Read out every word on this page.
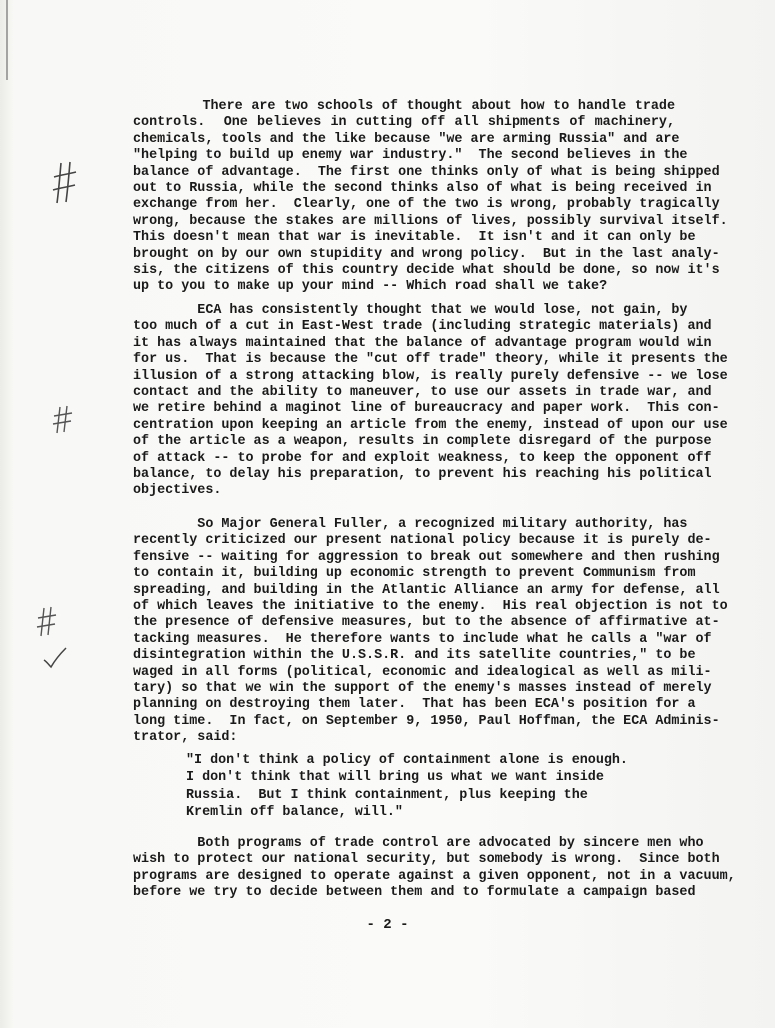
There are two schools of thought about how to handle trade
controls.  One believes in cutting off all shipments of machinery,
chemicals, tools and the like because "we are arming Russia" and are
"helping to build up enemy war industry."  The second believes in the
balance of advantage.  The first one thinks only of what is being shipped
out to Russia, while the second thinks also of what is being received in
exchange from her.  Clearly, one of the two is wrong, probably tragically
wrong, because the stakes are millions of lives, possibly survival itself.
This doesn't mean that war is inevitable.  It isn't and it can only be
brought on by our own stupidity and wrong policy.  But in the last analy-
sis, the citizens of this country decide what should be done, so now it's
up to you to make up your mind -- Which road shall we take?
ECA has consistently thought that we would lose, not gain, by
too much of a cut in East-West trade (including strategic materials) and
it has always maintained that the balance of advantage program would win
for us.  That is because the "cut off trade" theory, while it presents the
illusion of a strong attacking blow, is really purely defensive -- we lose
contact and the ability to maneuver, to use our assets in trade war, and
we retire behind a maginot line of bureaucracy and paper work.  This con-
centration upon keeping an article from the enemy, instead of upon our use
of the article as a weapon, results in complete disregard of the purpose
of attack -- to probe for and exploit weakness, to keep the opponent off
balance, to delay his preparation, to prevent his reaching his political
objectives.
So Major General Fuller, a recognized military authority, has
recently criticized our present national policy because it is purely de-
fensive -- waiting for aggression to break out somewhere and then rushing
to contain it, building up economic strength to prevent Communism from
spreading, and building in the Atlantic Alliance an army for defense, all
of which leaves the initiative to the enemy.  His real objection is not to
the presence of defensive measures, but to the absence of affirmative at-
tacking measures.  He therefore wants to include what he calls a "war of
disintegration within the U.S.S.R. and its satellite countries," to be
waged in all forms (political, economic and idealogical as well as mili-
tary) so that we win the support of the enemy's masses instead of merely
planning on destroying them later.  That has been ECA's position for a
long time.  In fact, on September 9, 1950, Paul Hoffman, the ECA Adminis-
trator, said:
"I don't think a policy of containment alone is enough.
I don't think that will bring us what we want inside
Russia.  But I think containment, plus keeping the
Kremlin off balance, will."
Both programs of trade control are advocated by sincere men who
wish to protect our national security, but somebody is wrong.  Since both
programs are designed to operate against a given opponent, not in a vacuum,
before we try to decide between them and to formulate a campaign based
- 2 -
